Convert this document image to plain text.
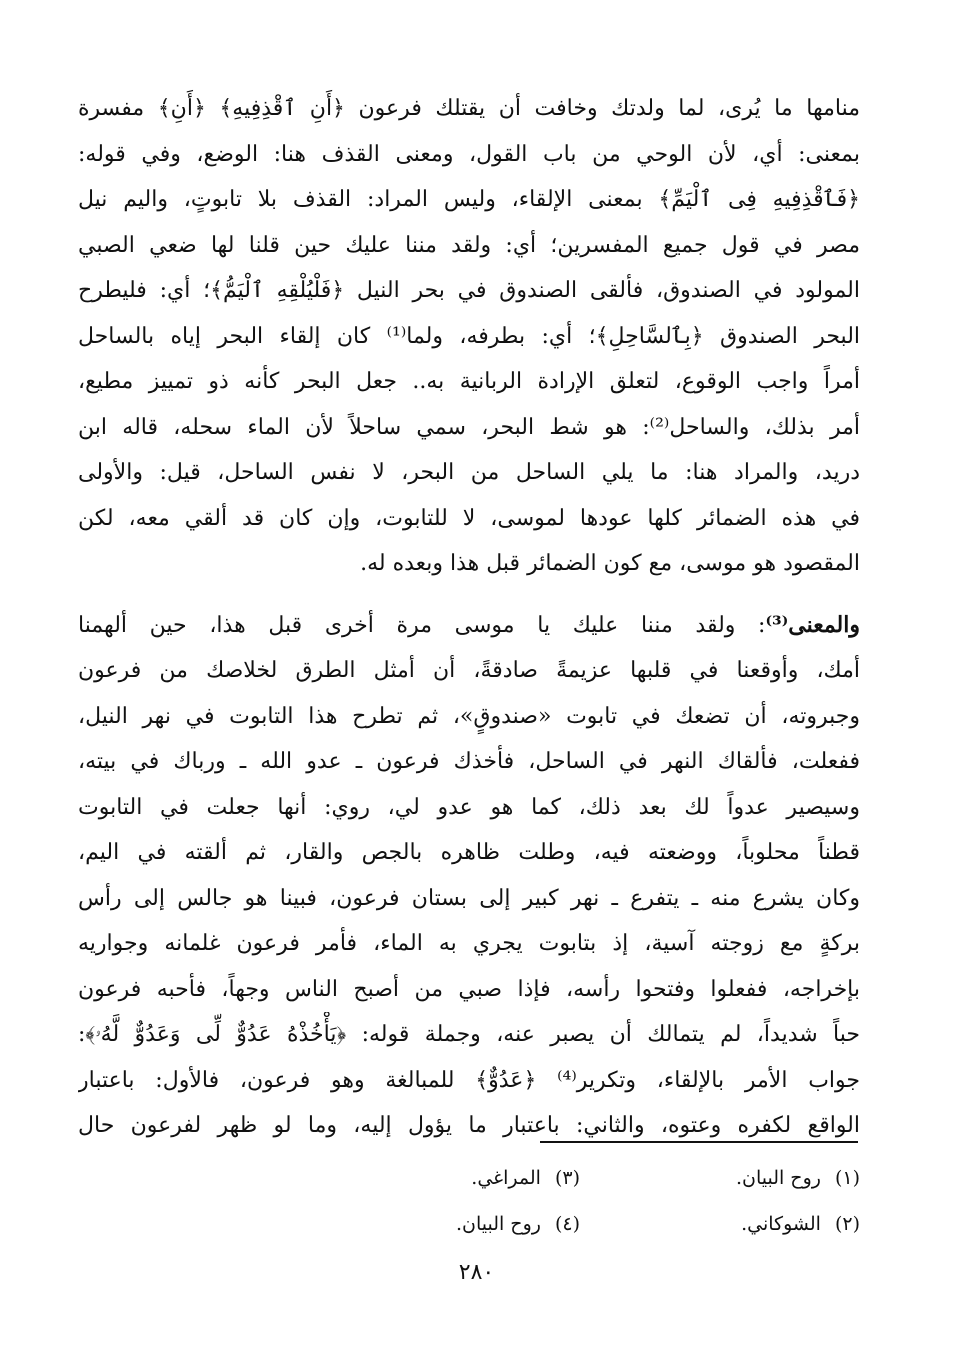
منامها ما يُرى، لما ولدتك وخافت أن يقتلك فرعون ﴿أَنِ ٱقْذِفِيهِ﴾ ﴿أَنِ﴾ مفسرة
بمعنى: أي، لأن الوحي من باب القول، ومعنى القذف هنا: الوضع، وفي قوله:
﴿فَٱقْذِفِيهِ فِى ٱلْيَمِّ﴾ بمعنى الإلقاء، وليس المراد: القذف بلا تابوتٍ، واليم نيل
مصر في قول جميع المفسرين؛ أي: ولقد مننا عليك حين قلنا لها ضعي الصبي
المولود في الصندوق، فألقى الصندوق في بحر النيل ﴿فَلْيُلْقِهِ ٱلْيَمُّ﴾؛ أي: فليطرح
البحر الصندوق ﴿بِٱلسَّاحِلِ﴾؛ أي: بطرفه، ولما⁽¹⁾ كان إلقاء البحر إياه بالساحل
أمراً واجب الوقوع، لتعلق الإرادة الربانية به.. جعل البحر كأنه ذو تمييز مطيع،
أمر بذلك، والساحل⁽²⁾: هو شط البحر، سمي ساحلاً لأن الماء سحله، قاله ابن
دريد، والمراد هنا: ما يلي الساحل من البحر، لا نفس الساحل، قيل: والأولى
في هذه الضمائر كلها عودها لموسى، لا للتابوت، وإن كان قد ألقي معه، لكن
المقصود هو موسى، مع كون الضمائر قبل هذا وبعده له.
والمعنى⁽³⁾: ولقد مننا عليك يا موسى مرة أخرى قبل هذا، حين ألهمنا
أمك، وأوقعنا في قلبها عزيمةً صادقةً، أن أمثل الطرق لخلاصك من فرعون
وجبروته، أن تضعك في تابوت «صندوقٍ»، ثم تطرح هذا التابوت في نهر النيل،
ففعلت، فألقاك النهر في الساحل، فأخذك فرعون ـ عدو الله ـ ورباك في بيته،
وسيصير عدواً لك بعد ذلك، كما هو عدو لي، روي: أنها جعلت في التابوت
قطناً محلوباً، ووضعته فيه، وطلت ظاهره بالجص والقار، ثم ألقته في اليم،
وكان يشرع منه ـ يتفرع ـ نهر كبير إلى بستان فرعون، فبينا هو جالس إلى رأس
بركةٍ مع زوجته آسية، إذ بتابوت يجري به الماء، فأمر فرعون غلمانه وجواريه
بإخراجه، ففعلوا وفتحوا رأسه، فإذا صبي من أصبح الناس وجهاً، فأحبه فرعون
حباً شديداً، لم يتمالك أن يصبر عنه، وجملة قوله: ﴿يَأْخُذْهُ عَدُوٌّ لِّى وَعَدُوٌّ لَّهُۥ﴾:
جواب الأمر بالإلقاء، وتكرير⁽⁴⁾ ﴿عَدُوٌّ﴾ للمبالغة وهو فرعون، فالأول: باعتبار
الواقع لكفره وعتوه، والثاني: باعتبار ما يؤول إليه، وما لو ظهر لفرعون حال
(١)روح البيان.
(٣)المراغي.
(٢)الشوكاني.
(٤)روح البيان.
٢٨٠
